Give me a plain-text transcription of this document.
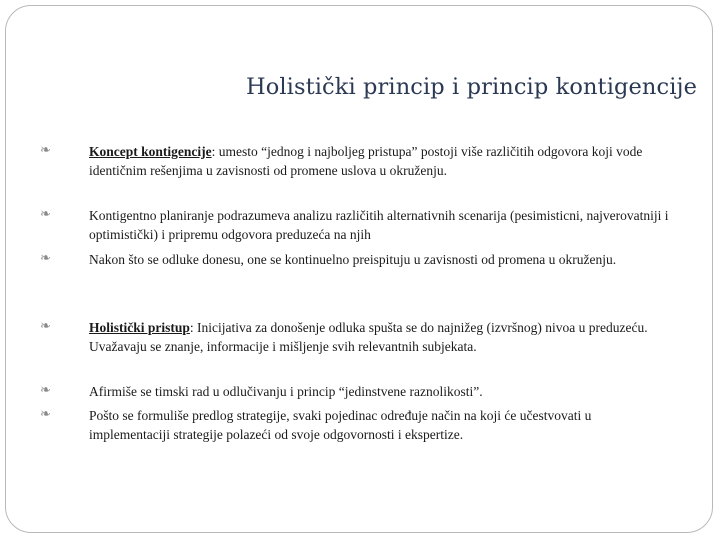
Holistički princip i princip kontigencije
❧	Koncept kontigencije: umesto “jednog i najboljeg pristupa” postoji više različitih odgovora koji vode identičnim rešenjima u zavisnosti od promene uslova u okruženju.
❧	Kontigentno planiranje podrazumeva analizu različitih alternativnih scenarija (pesimisticni, najverovatniji i optimistički) i pripremu odgovora preduzeća na njih
❧	Nakon što se odluke donesu, one se kontinuelno preispituju u zavisnosti od promena u okruženju.
❧	Holistički pristup: Inicijativa za donošenje odluka spušta se do najnižeg (izvršnog) nivoa u preduzeću. Uvažavaju se znanje, informacije i mišljenje svih relevantnih subjekata.
❧	Afirmiše se timski rad u odlučivanju i princip “jedinstvene raznolikosti”.
❧	Pošto se formuliše predlog strategije, svaki pojedinac određuje način na koji će učestvovati u implementaciji strategije polazeći od svoje odgovornosti i ekspertize.
